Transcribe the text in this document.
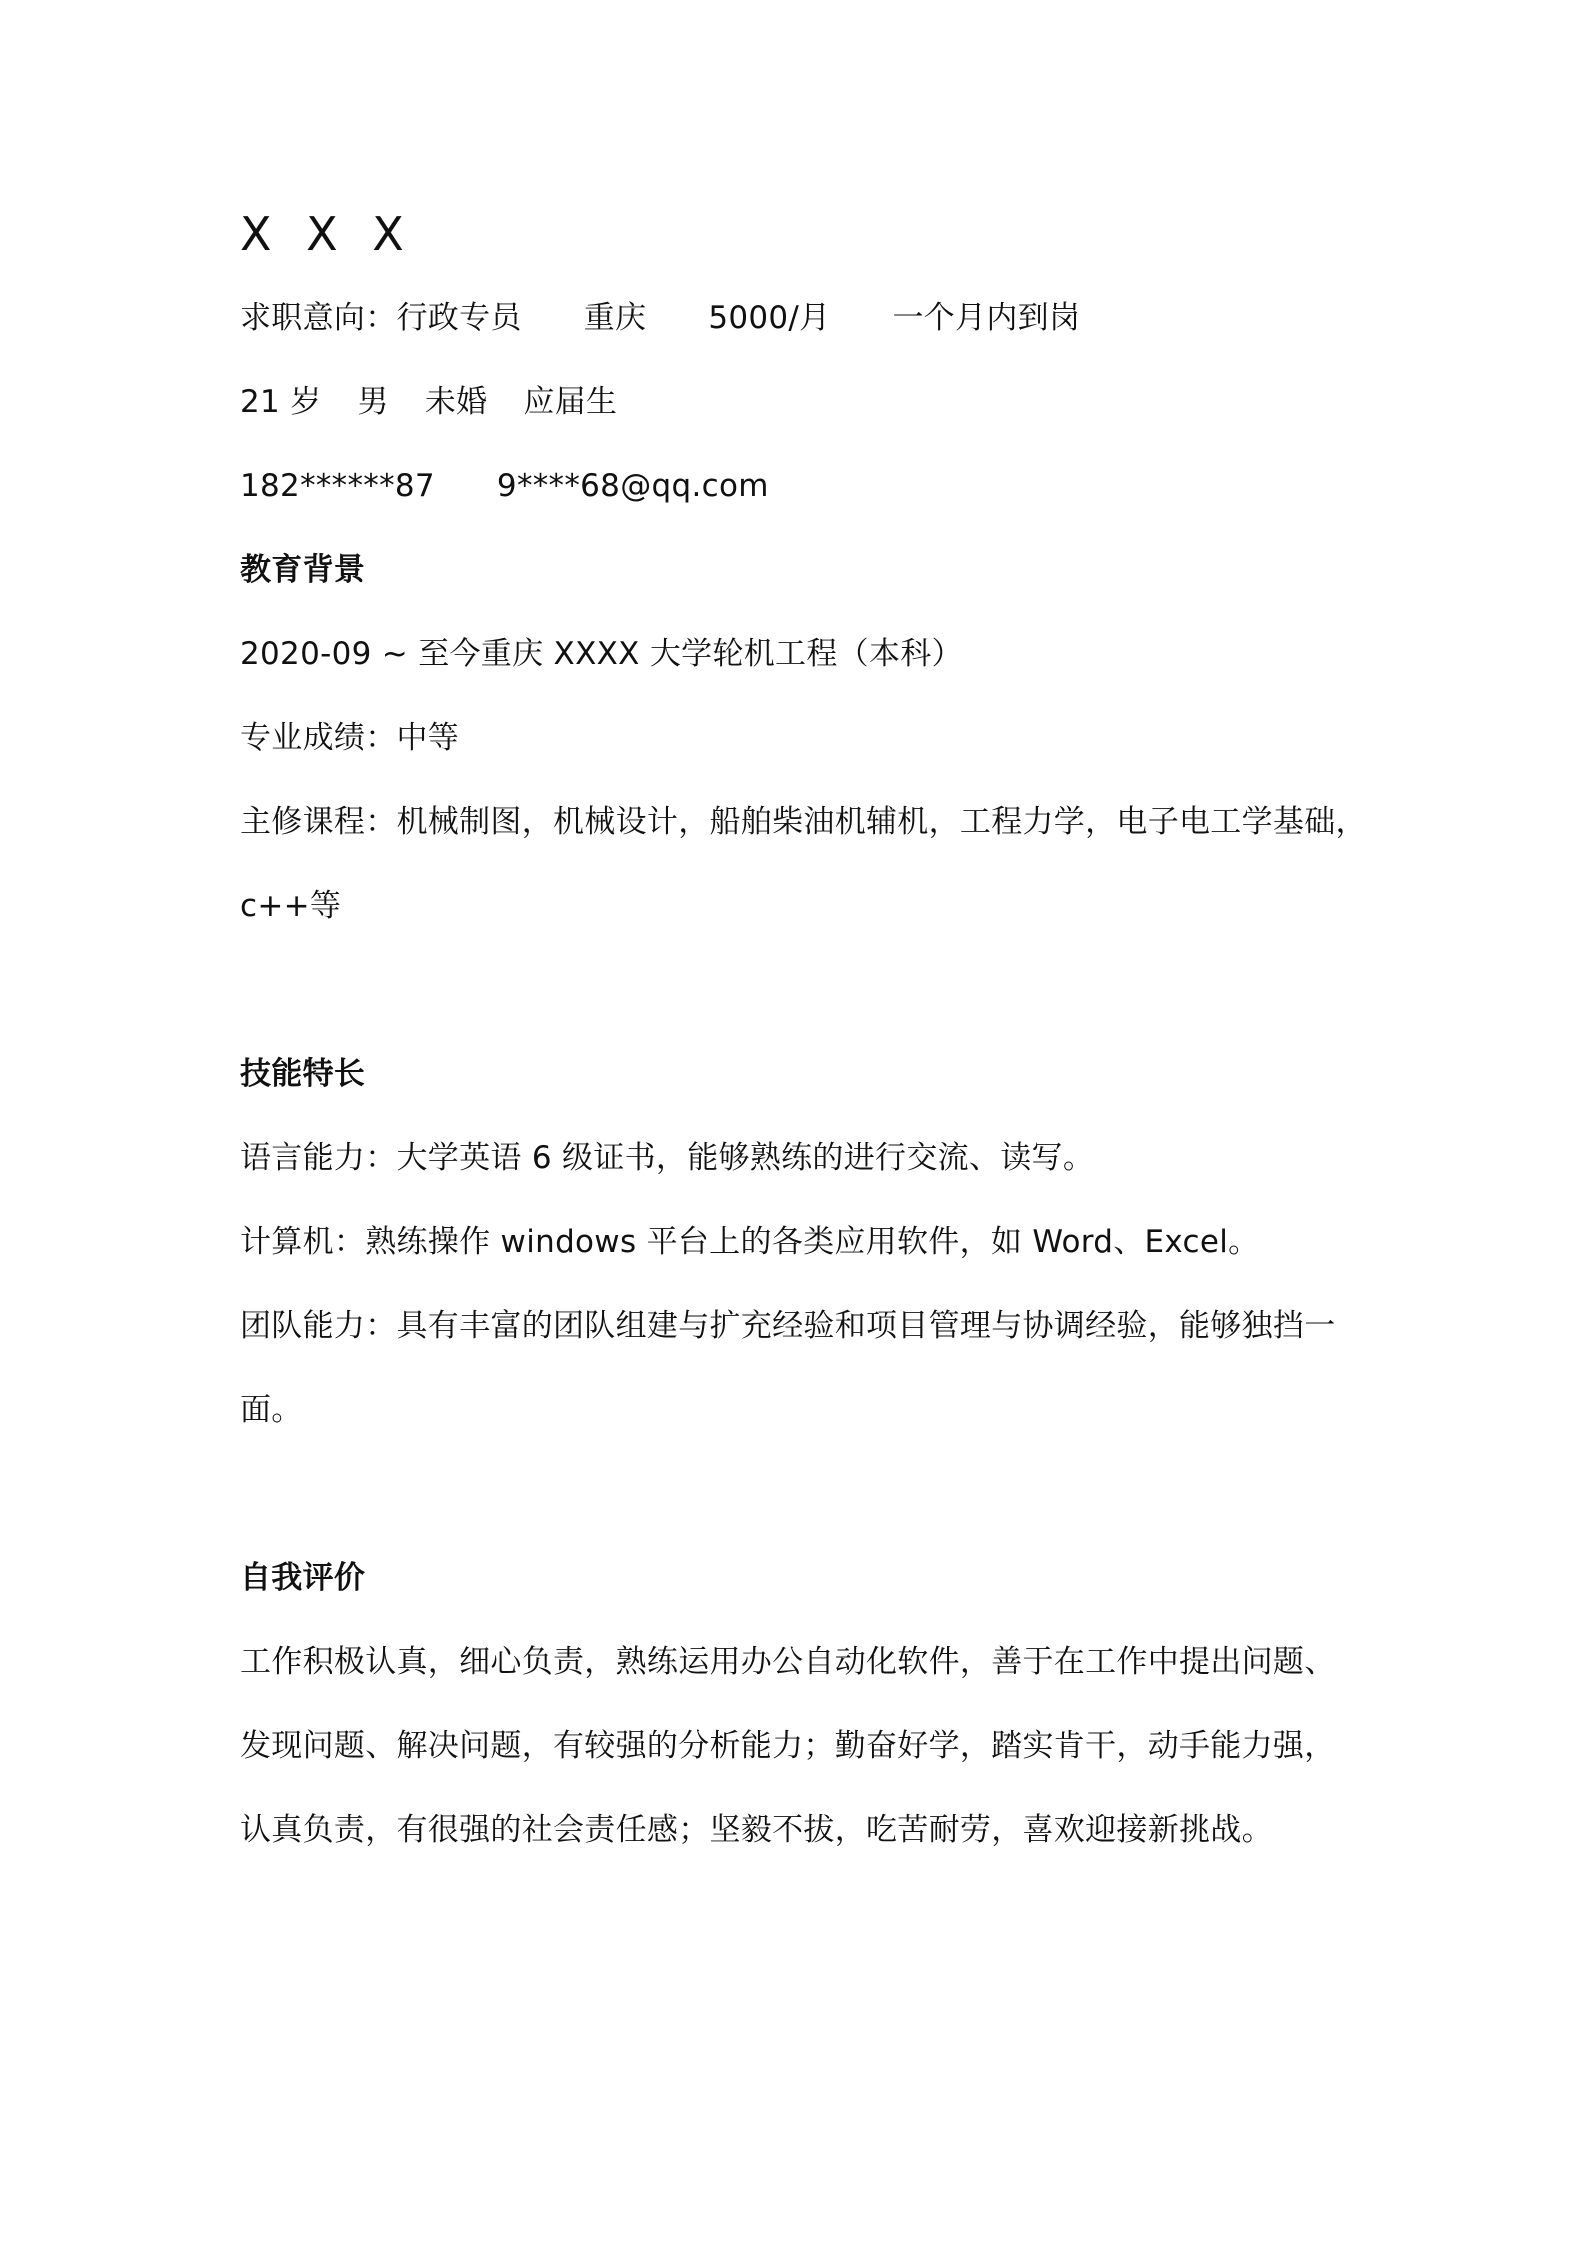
X X X
求职意向：行政专员 重庆 5000/月 一个月内到岗
21 岁 男 未婚 应届生
182******87 9****68@qq.com
教育背景
2020-09 ~ 至今重庆 XXXX 大学轮机工程（本科）
专业成绩：中等
主修课程：机械制图，机械设计，船舶柴油机辅机，工程力学，电子电工学基础，
c++等
技能特长
语言能力：大学英语 6 级证书，能够熟练的进行交流、读写。
计算机：熟练操作 windows 平台上的各类应用软件，如 Word、Excel。
团队能力：具有丰富的团队组建与扩充经验和项目管理与协调经验，能够独挡一
面。
自我评价
工作积极认真，细心负责，熟练运用办公自动化软件，善于在工作中提出问题、
发现问题、解决问题，有较强的分析能力；勤奋好学，踏实肯干，动手能力强，
认真负责，有很强的社会责任感；坚毅不拔，吃苦耐劳，喜欢迎接新挑战。
